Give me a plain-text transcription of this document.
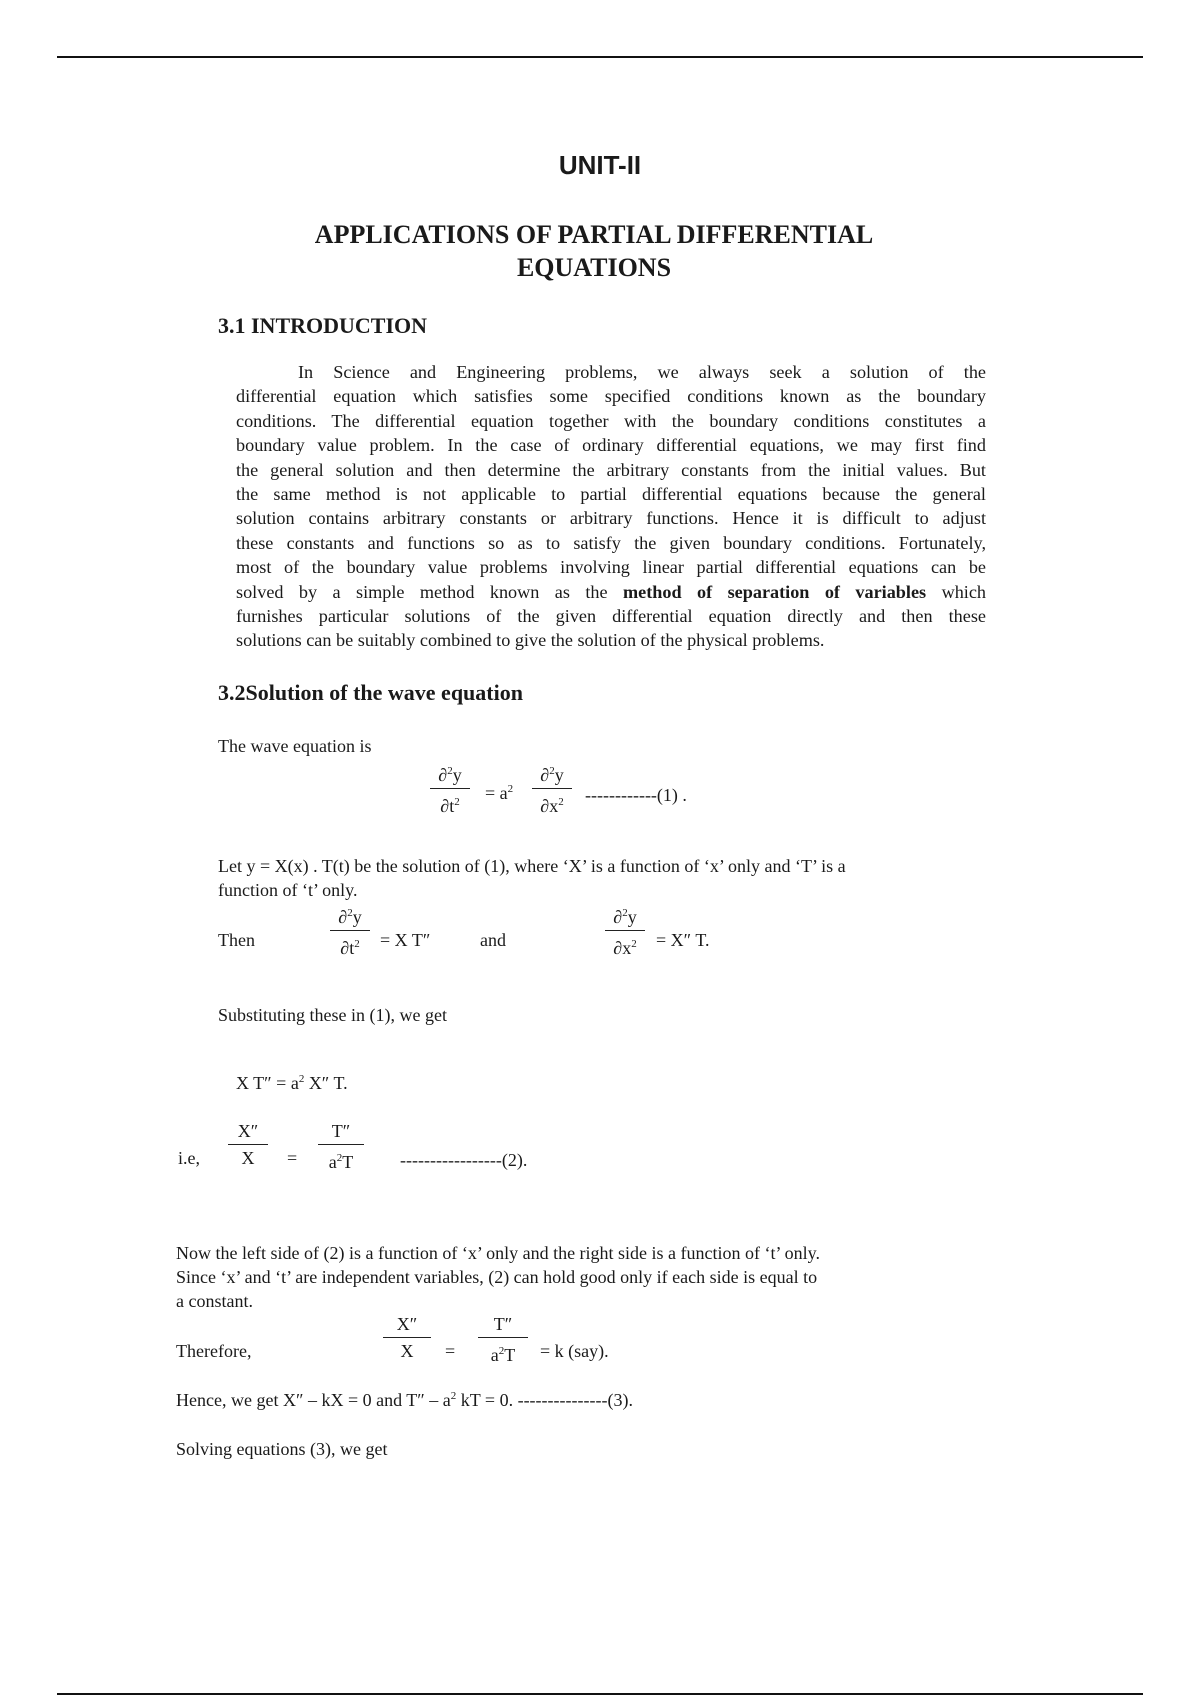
UNIT-II
APPLICATIONS OF PARTIAL DIFFERENTIAL
EQUATIONS
3.1 INTRODUCTION
In Science and Engineering problems, we always seek a solution of the
differential equation which satisfies some specified conditions known as the boundary
conditions. The differential equation together with the boundary conditions constitutes a
boundary value problem. In the case of ordinary differential equations, we may first find
the general solution and then determine the arbitrary constants from the initial values. But
the same method is not applicable to partial differential equations because the general
solution contains arbitrary constants or arbitrary functions. Hence it is difficult to adjust
these constants and functions so as to satisfy the given boundary conditions. Fortunately,
most of the boundary value problems involving linear partial differential equations can be
solved by a simple method known as the method of separation of variables which
furnishes particular solutions of the given differential equation directly and then these
solutions can be suitably combined to give the solution of the physical problems.
3.2Solution of the wave equation
The wave equation is
∂$^2$y
$\partial t^2$	= $a^2$
∂$^2$y
$\partial x^2$	------------(1) .
Let y = X(x) . T(t) be the solution of (1), where ‘X’ is a function of ‘x’ only and ‘T’ is a
function of ‘t’ only.
Then
∂$^2$y
$\partial t^2$	= X T″	and
∂$^2$y
$\partial x^2$	= X″ T.
Substituting these in (1), we get
X $T'' = a^2$ X″ T.
i.e,
X″
X	=
T″
$a^2T$	-----------------(2).
Now the left side of (2) is a function of ‘x’ only and the right side is a function of ‘t’ only.
Since ‘x’ and ‘t’ are independent variables, (2) can hold good only if each side is equal to
a constant.
Therefore,
X″
X	=
T″
$a^2T$	= k (say).
Hence, we get X″ – kX = 0 and $T'' - a^2$ kT = 0. ---------------(3).
Solving equations (3), we get
